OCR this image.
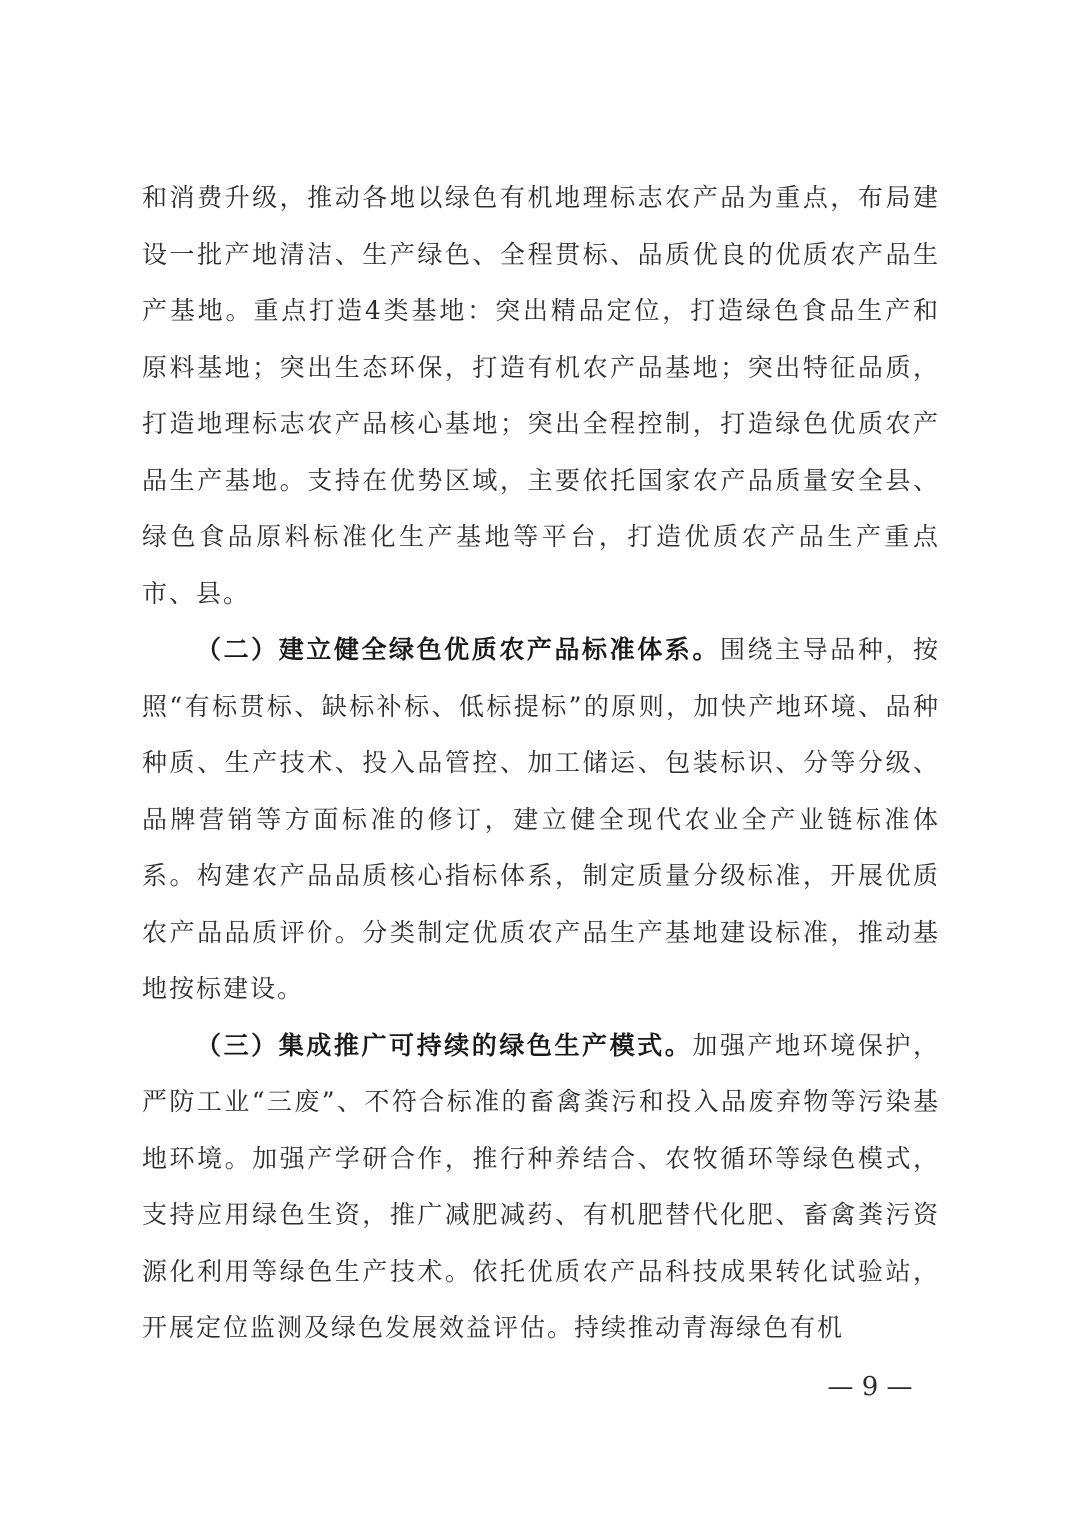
和消费升级，推动各地以绿色有机地理标志农产品为重点，布局建设一批产地清洁、生产绿色、全程贯标、品质优良的优质农产品生产基地。重点打造4类基地：突出精品定位，打造绿色食品生产和原料基地；突出生态环保，打造有机农产品基地；突出特征品质，打造地理标志农产品核心基地；突出全程控制，打造绿色优质农产品生产基地。支持在优势区域，主要依托国家农产品质量安全县、绿色食品原料标准化生产基地等平台，打造优质农产品生产重点市、县。

（二）建立健全绿色优质农产品标准体系。围绕主导品种，按照“有标贯标、缺标补标、低标提标”的原则，加快产地环境、品种种质、生产技术、投入品管控、加工储运、包装标识、分等分级、品牌营销等方面标准的修订，建立健全现代农业全产业链标准体系。构建农产品品质核心指标体系，制定质量分级标准，开展优质农产品品质评价。分类制定优质农产品生产基地建设标准，推动基地按标建设。

（三）集成推广可持续的绿色生产模式。加强产地环境保护，严防工业“三废”、不符合标准的畜禽粪污和投入品废弃物等污染基地环境。加强产学研合作，推行种养结合、农牧循环等绿色模式，支持应用绿色生资，推广减肥减药、有机肥替代化肥、畜禽粪污资源化利用等绿色生产技术。依托优质农产品科技成果转化试验站，开展定位监测及绿色发展效益评估。持续推动青海绿色有机

— 9 —
